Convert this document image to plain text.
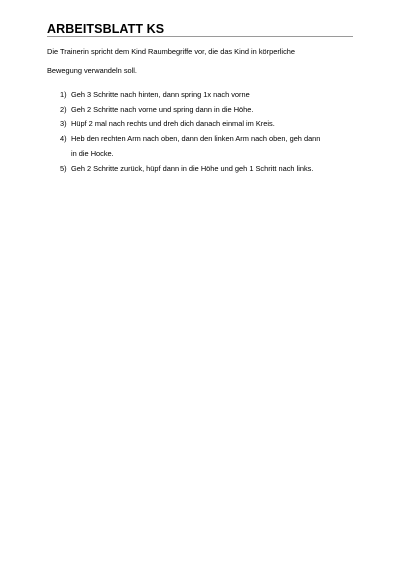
ARBEITSBLATT KS

Die Trainerin spricht dem Kind Raumbegriffe vor, die das Kind in körperliche

Bewegung verwandeln soll.

1) Geh 3 Schritte nach hinten, dann spring 1x nach vorne
2) Geh 2 Schritte nach vorne und spring dann in die Höhe.
3) Hüpf 2 mal nach rechts und dreh dich danach einmal im Kreis.
4) Heb den rechten Arm nach oben, dann den linken Arm nach oben, geh dann
in die Hocke.
5) Geh 2 Schritte zurück, hüpf dann in die Höhe und geh 1 Schritt nach links.
